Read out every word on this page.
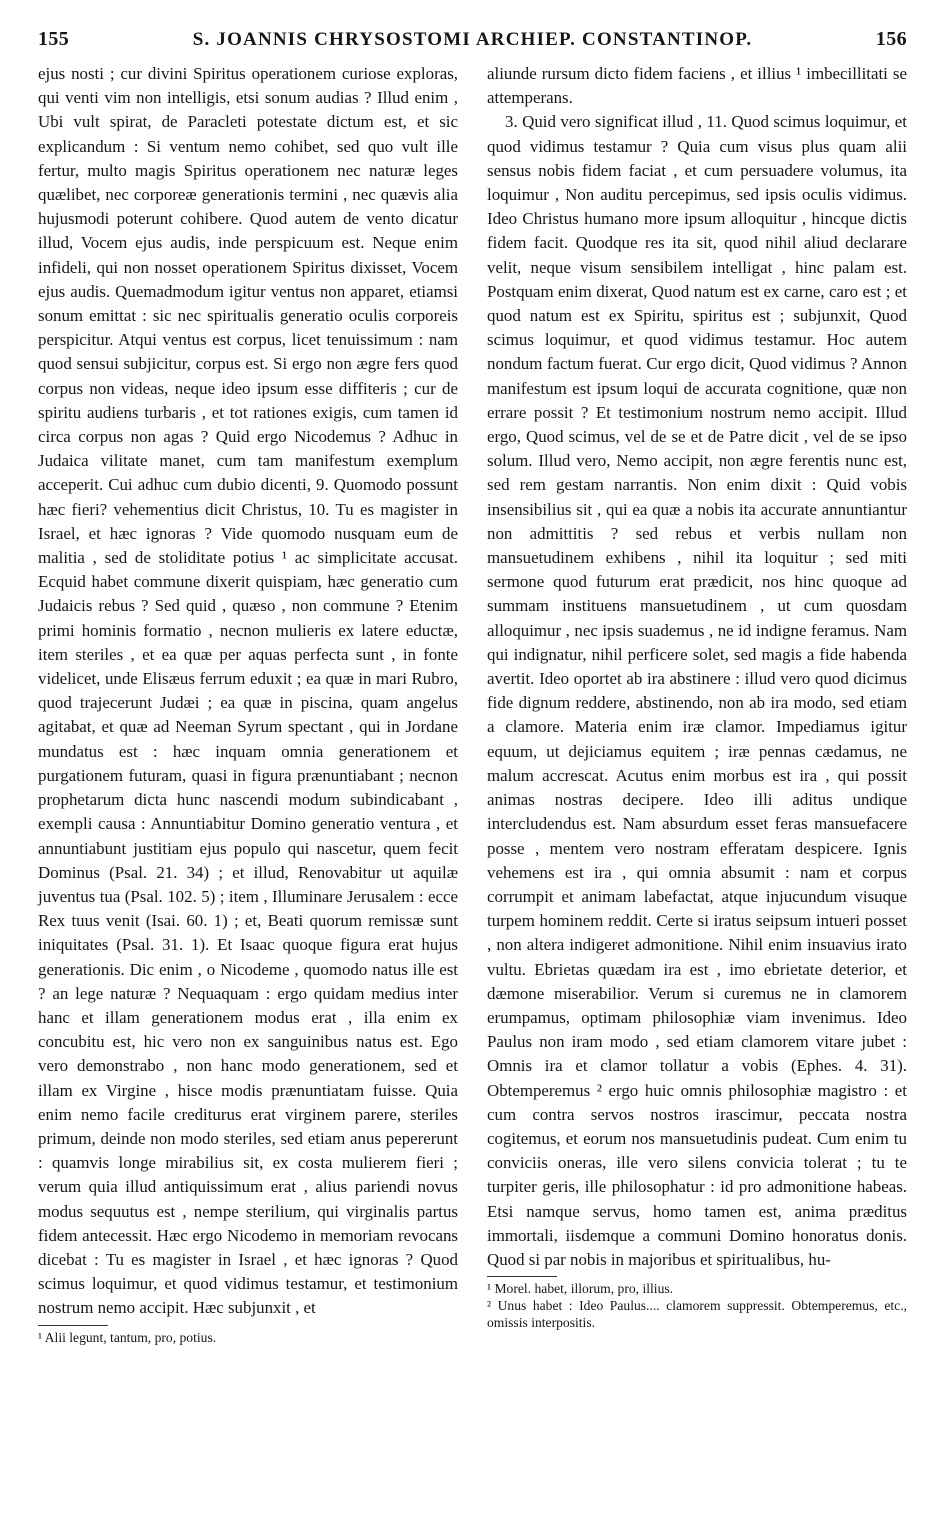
155	S. JOANNIS CHRYSOSTOMI ARCHIEP. CONSTANTINOP.	156

ejus nosti ; cur divini Spiritus operationem curiose exploras, qui venti vim non intelligis, etsi sonum audias ? Illud enim , Ubi vult spirat, de Paracleti potestate dictum est, et sic explicandum : Si ventum nemo cohibet, sed quo vult ille fertur, multo magis Spiritus operationem nec naturæ leges quælibet, nec corporeæ generationis termini , nec quævis alia hujusmodi poterunt cohibere. Quod autem de vento dicatur illud, Vocem ejus audis, inde perspicuum est. Neque enim infideli, qui non nosset operationem Spiritus dixisset, Vocem ejus audis. Quemadmodum igitur ventus non apparet, etiamsi sonum emittat : sic nec spiritualis generatio oculis corporeis perspicitur. Atqui ventus est corpus, licet tenuissimum : nam quod sensui subjicitur, corpus est. Si ergo non ægre fers quod corpus non videas, neque ideo ipsum esse diffiteris ; cur de spiritu audiens turbaris , et tot rationes exigis, cum tamen id circa corpus non agas ? Quid ergo Nicodemus ? Adhuc in Judaica vilitate manet, cum tam manifestum exemplum acceperit. Cui adhuc cum dubio dicenti, 9. Quomodo possunt hæc fieri? vehementius dicit Christus, 10. Tu es magister in Israel, et hæc ignoras ? Vide quomodo nusquam eum de malitia , sed de stoliditate potius ¹ ac simplicitate accusat. Ecquid habet commune dixerit quispiam, hæc generatio cum Judaicis rebus ? Sed quid , quæso , non commune ? Etenim primi hominis formatio , necnon mulieris ex latere eductæ, item steriles , et ea quæ per aquas perfecta sunt , in fonte videlicet, unde Elisæus ferrum eduxit ; ea quæ in mari Rubro, quod trajecerunt Judæi ; ea quæ in piscina, quam angelus agitabat, et quæ ad Neeman Syrum spectant , qui in Jordane mundatus est : hæc inquam omnia generationem et purgationem futuram, quasi in figura prænuntiabant ; necnon prophetarum dicta hunc nascendi modum subindicabant , exempli causa : Annuntiabitur Domino generatio ventura , et annuntiabunt justitiam ejus populo qui nascetur, quem fecit Dominus (Psal. 21. 34) ; et illud, Renovabitur ut aquilæ juventus tua (Psal. 102. 5) ; item , Illuminare Jerusalem : ecce Rex tuus venit (Isai. 60. 1) ; et, Beati quorum remissæ sunt iniquitates (Psal. 31. 1). Et Isaac quoque figura erat hujus generationis. Dic enim , o Nicodeme , quomodo natus ille est ? an lege naturæ ? Nequaquam : ergo quidam medius inter hanc et illam generationem modus erat , illa enim ex concubitu est, hic vero non ex sanguinibus natus est. Ego vero demonstrabo , non hanc modo generationem, sed et illam ex Virgine , hisce modis prænuntiatam fuisse. Quia enim nemo facile crediturus erat virginem parere, steriles primum, deinde non modo steriles, sed etiam anus pepererunt : quamvis longe mirabilius sit, ex costa mulierem fieri ; verum quia illud antiquissimum erat , alius pariendi novus modus sequutus est , nempe sterilium, qui virginalis partus fidem antecessit. Hæc ergo Nicodemo in memoriam revocans dicebat : Tu es magister in Israel , et hæc ignoras ? Quod scimus loquimur, et quod vidimus testamur, et testimonium nostrum nemo accipit. Hæc subjunxit , et

¹ Alii legunt, tantum, pro, potius.

aliunde rursum dicto fidem faciens , et illius ¹ imbecillitati se attemperans.

3. Quid vero significat illud , 11. Quod scimus loquimur, et quod vidimus testamur ? Quia cum visus plus quam alii sensus nobis fidem faciat , et cum persuadere volumus, ita loquimur , Non auditu percepimus, sed ipsis oculis vidimus. Ideo Christus humano more ipsum alloquitur , hincque dictis fidem facit. Quodque res ita sit, quod nihil aliud declarare velit, neque visum sensibilem intelligat , hinc palam est. Postquam enim dixerat, Quod natum est ex carne, caro est ; et quod natum est ex Spiritu, spiritus est ; subjunxit, Quod scimus loquimur, et quod vidimus testamur. Hoc autem nondum factum fuerat. Cur ergo dicit, Quod vidimus ? Annon manifestum est ipsum loqui de accurata cognitione, quæ non errare possit ? Et testimonium nostrum nemo accipit. Illud ergo, Quod scimus, vel de se et de Patre dicit , vel de se ipso solum. Illud vero, Nemo accipit, non ægre ferentis nunc est, sed rem gestam narrantis. Non enim dixit : Quid vobis insensibilius sit , qui ea quæ a nobis ita accurate annuntiantur non admittitis ? sed rebus et verbis nullam non mansuetudinem exhibens , nihil ita loquitur ; sed miti sermone quod futurum erat prædicit, nos hinc quoque ad summam instituens mansuetudinem , ut cum quosdam alloquimur , nec ipsis suademus , ne id indigne feramus. Nam qui indignatur, nihil perficere solet, sed magis a fide habenda avertit. Ideo oportet ab ira abstinere : illud vero quod dicimus fide dignum reddere, abstinendo, non ab ira modo, sed etiam a clamore. Materia enim iræ clamor. Impediamus igitur equum, ut dejiciamus equitem ; iræ pennas cædamus, ne malum accrescat. Acutus enim morbus est ira , qui possit animas nostras decipere. Ideo illi aditus undique intercludendus est. Nam absurdum esset feras mansuefacere posse , mentem vero nostram efferatam despicere. Ignis vehemens est ira , qui omnia absumit : nam et corpus corrumpit et animam labefactat, atque injucundum visuque turpem hominem reddit. Certe si iratus seipsum intueri posset , non altera indigeret admonitione. Nihil enim insuavius irato vultu. Ebrietas quædam ira est , imo ebrietate deterior, et dæmone miserabilior. Verum si curemus ne in clamorem erumpamus, optimam philosophiæ viam invenimus. Ideo Paulus non iram modo , sed etiam clamorem vitare jubet : Omnis ira et clamor tollatur a vobis (Ephes. 4. 31). Obtemperemus ² ergo huic omnis philosophiæ magistro : et cum contra servos nostros irascimur, peccata nostra cogitemus, et eorum nos mansuetudinis pudeat. Cum enim tu conviciis oneras, ille vero silens convicia tolerat ; tu te turpiter geris, ille philosophatur : id pro admonitione habeas. Etsi namque servus, homo tamen est, anima præditus immortali, iisdemque a communi Domino honoratus donis. Quod si par nobis in majoribus et spiritualibus, hu-

¹ Morel. habet, illorum, pro, illius.

² Unus habet : Ideo Paulus.... clamorem suppressit. Obtemperemus, etc., omissis interpositis.
